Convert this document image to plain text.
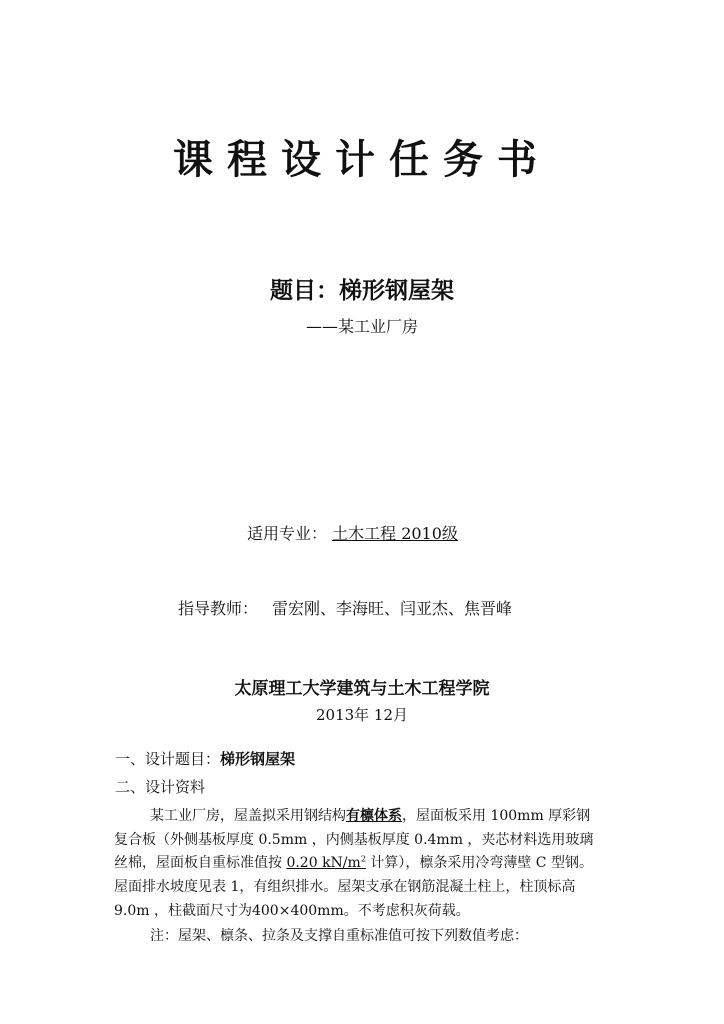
课程设计任务书
题目：梯形钢屋架
——某工业厂房
适用专业： 土木工程 2010级
指导教师： 雷宏刚、李海旺、闫亚杰、焦晋峰
太原理工大学建筑与土木工程学院
2013年 12月
一、设计题目：梯形钢屋架
二、设计资料
某工业厂房，屋盖拟采用钢结构有檩体系，屋面板采用 100mm 厚彩钢
复合板（外侧基板厚度 0.5mm ，内侧基板厚度 0.4mm ，夹芯材料选用玻璃
丝棉，屋面板自重标准值按 0.20 $kN/m^2$ 计算），檩条采用冷弯薄壁 C 型钢。
屋面排水坡度见表 1，有组织排水。屋架支承在钢筋混凝土柱上，柱顶标高
9.0m ，柱截面尺寸为400×400mm。不考虑积灰荷载。
注：屋架、檩条、拉条及支撑自重标准值可按下列数值考虑：
